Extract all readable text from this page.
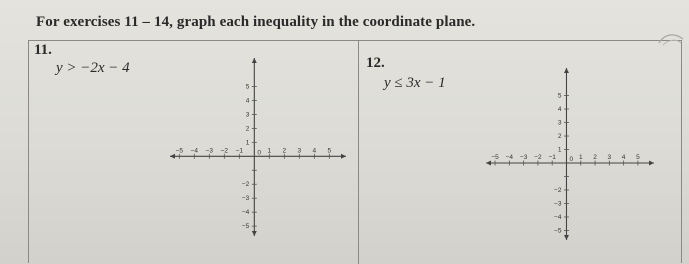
For exercises 11 – 14, graph each inequality in the coordinate plane.
11.
y > −2x − 4
−5 −4 −3 −2 −1	1 2 3 4 5
0
5
4
3
2
1
−2
−3
−4
−5
12.
y ≤ 3x − 1
−5 −4 −3 −2 −1	1 2 3 4 5
0
5
4
3
2
1
−2
−3
−4
−5
